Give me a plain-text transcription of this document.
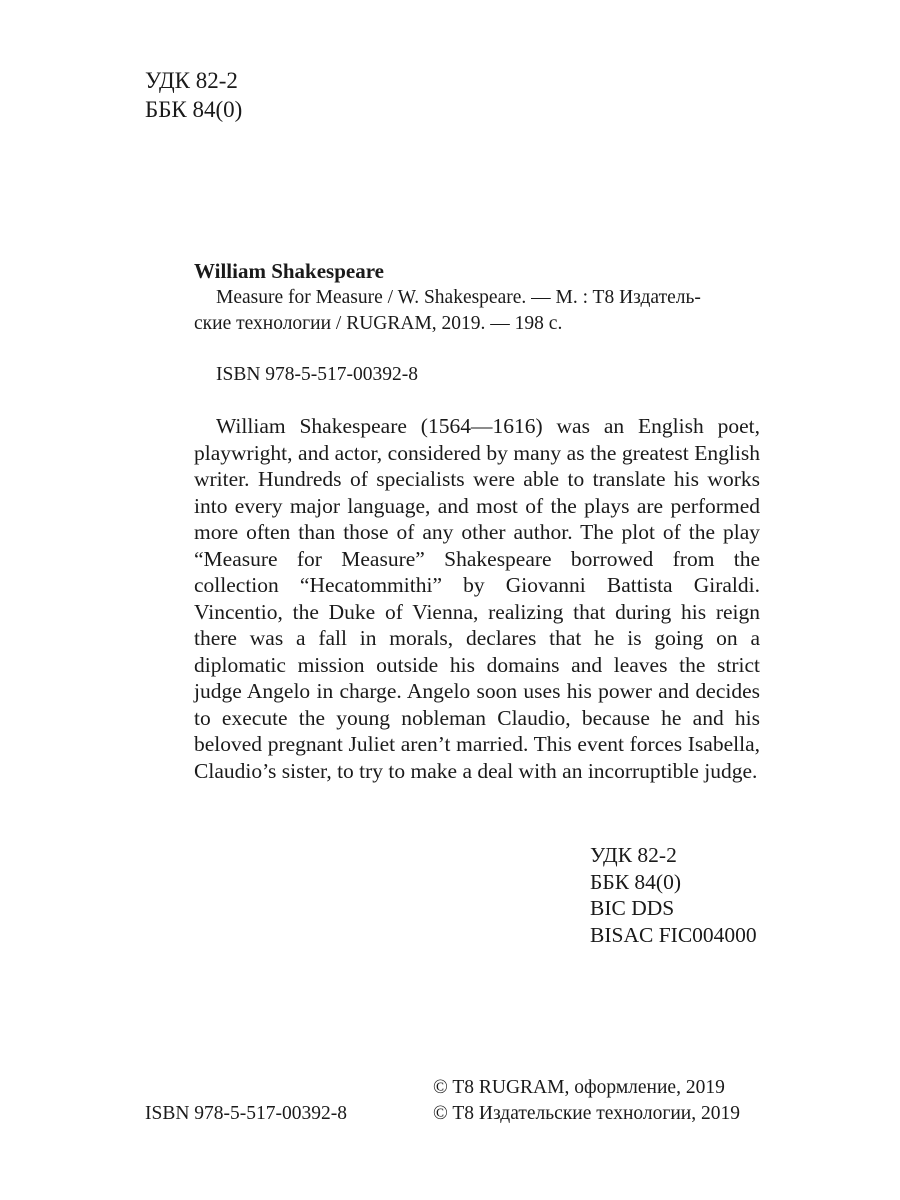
УДК 82-2
ББК 84(0)

William Shakespeare

Measure for Measure / W. Shakespeare. — M. : T8 Издатель-

ские технологии / RUGRAM, 2019. — 198 с.

ISBN 978-5-517-00392-8

William Shakespeare (1564—1616) was an English poet, playwright, and actor, considered by many as the greatest English writer. Hundreds of specialists were able to translate his works into every major language, and most of the plays are performed more often than those of any other author. The plot of the play “Measure for Measure” Shakespeare borrowed from the collection “Hecatommithi” by Giovanni Battista Giraldi. Vincentio, the Duke of Vienna, realizing that during his reign there was a fall in morals, declares that he is going on a diplomatic mission outside his domains and leaves the strict judge Angelo in charge. Angelo soon uses his power and decides to execute the young nobleman Claudio, because he and his beloved pregnant Juliet aren’t married. This event forces Isabella, Claudio’s sister, to try to make a deal with an incorruptible judge.

УДК 82-2
ББК 84(0)
BIC DDS
BISAC FIC004000
ISBN 978-5-517-00392-8
© T8 RUGRAM, оформление, 2019
© T8 Издательские технологии, 2019
